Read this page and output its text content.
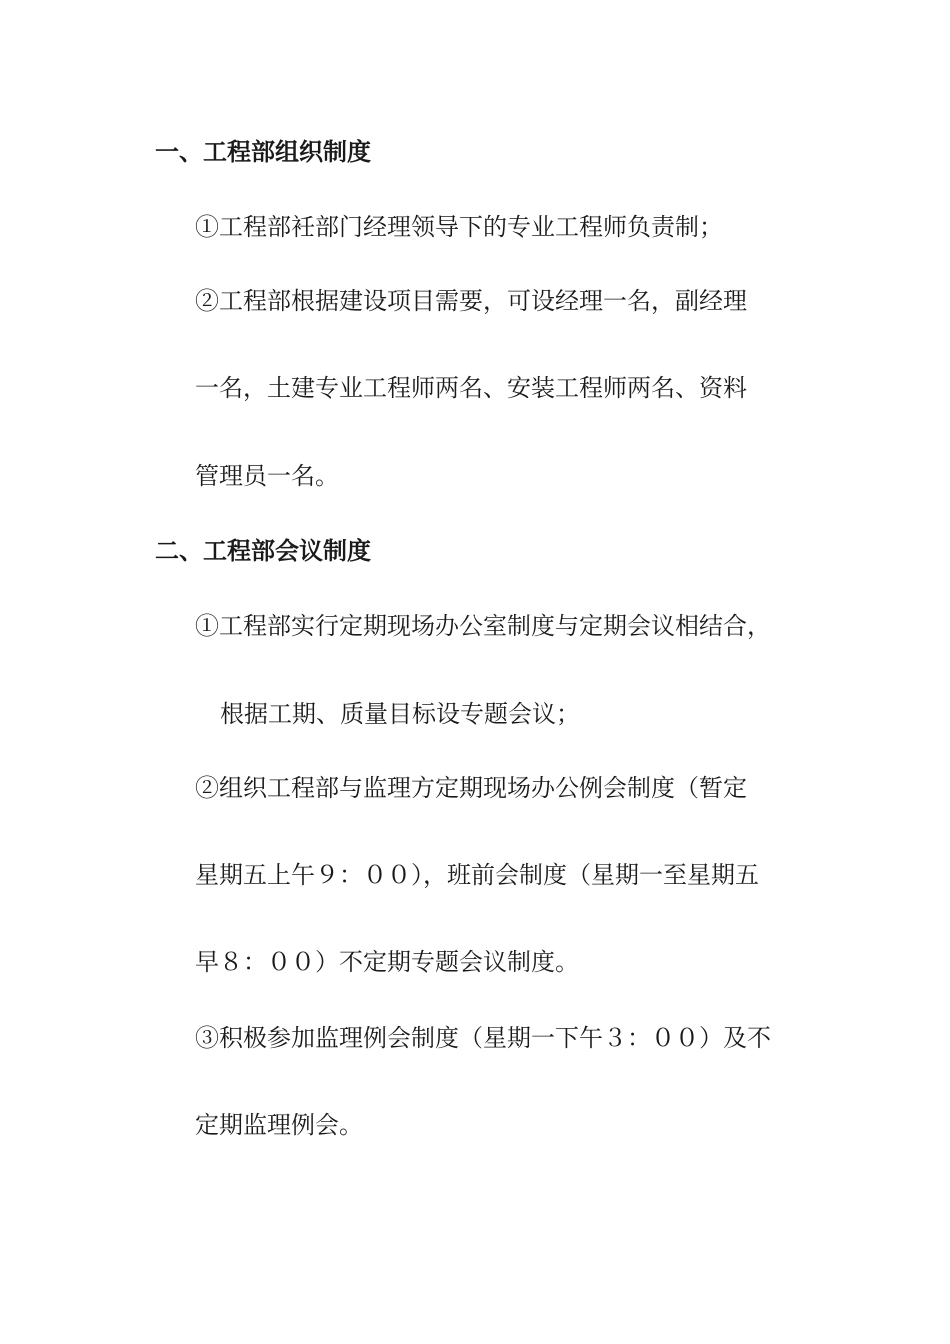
一、工程部组织制度

①工程部衽部门经理领导下的专业工程师负责制；

②工程部根据建设项目需要，可设经理一名，副经理

一名，土建专业工程师两名、安装工程师两名、资料

管理员一名。

二、工程部会议制度

①工程部实行定期现场办公室制度与定期会议相结合，

根据工期、质量目标设专题会议；

②组织工程部与监理方定期现场办公例会制度（暂定

星期五上午９：００），班前会制度（星期一至星期五

早８：００）不定期专题会议制度。

③积极参加监理例会制度（星期一下午３：００）及不

定期监理例会。
